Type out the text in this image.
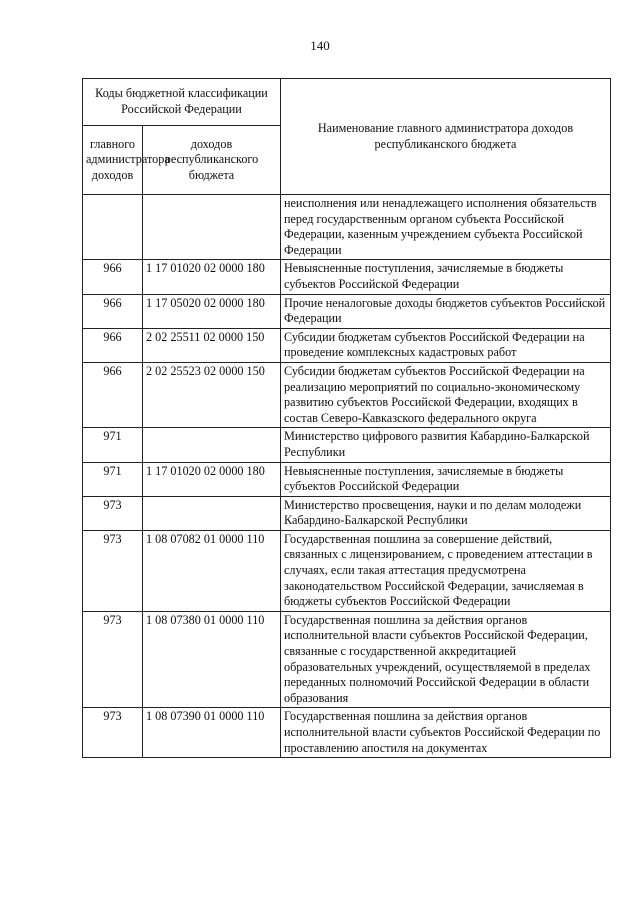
140
Коды бюджетной классификации Российской Федерации		Наименование главного администратора доходов республиканского бюджета
главного администратора доходов	доходов республиканского бюджета	
		неисполнения или ненадлежащего исполнения обязательств перед государственным органом субъекта Российской Федерации, казенным учреждением субъекта Российской Федерации
966	1 17 01020 02 0000 180	Невыясненные поступления, зачисляемые в бюджеты субъектов Российской Федерации
966	1 17 05020 02 0000 180	Прочие неналоговые доходы бюджетов субъектов Российской Федерации
966	2 02 25511 02 0000 150	Субсидии бюджетам субъектов Российской Федерации на проведение комплексных кадастровых работ
966	2 02 25523 02 0000 150	Субсидии бюджетам субъектов Российской Федерации на реализацию мероприятий по социально-экономическому развитию субъектов Российской Федерации, входящих в состав Северо-Кавказского федерального округа
971		Министерство цифрового развития Кабардино-Балкарской Республики
971	1 17 01020 02 0000 180	Невыясненные поступления, зачисляемые в бюджеты субъектов Российской Федерации
973		Министерство просвещения, науки и по делам молодежи Кабардино-Балкарской Республики
973	1 08 07082 01 0000 110	Государственная пошлина за совершение действий, связанных с лицензированием, с проведением аттестации в случаях, если такая аттестация предусмотрена законодательством Российской Федерации, зачисляемая в бюджеты субъектов Российской Федерации
973	1 08 07380 01 0000 110	Государственная пошлина за действия органов исполнительной власти субъектов Российской Федерации, связанные с государственной аккредитацией образовательных учреждений, осуществляемой в пределах переданных полномочий Российской Федерации в области образования
973	1 08 07390 01 0000 110	Государственная пошлина за действия органов исполнительной власти субъектов Российской Федерации по проставлению апостиля на документах
